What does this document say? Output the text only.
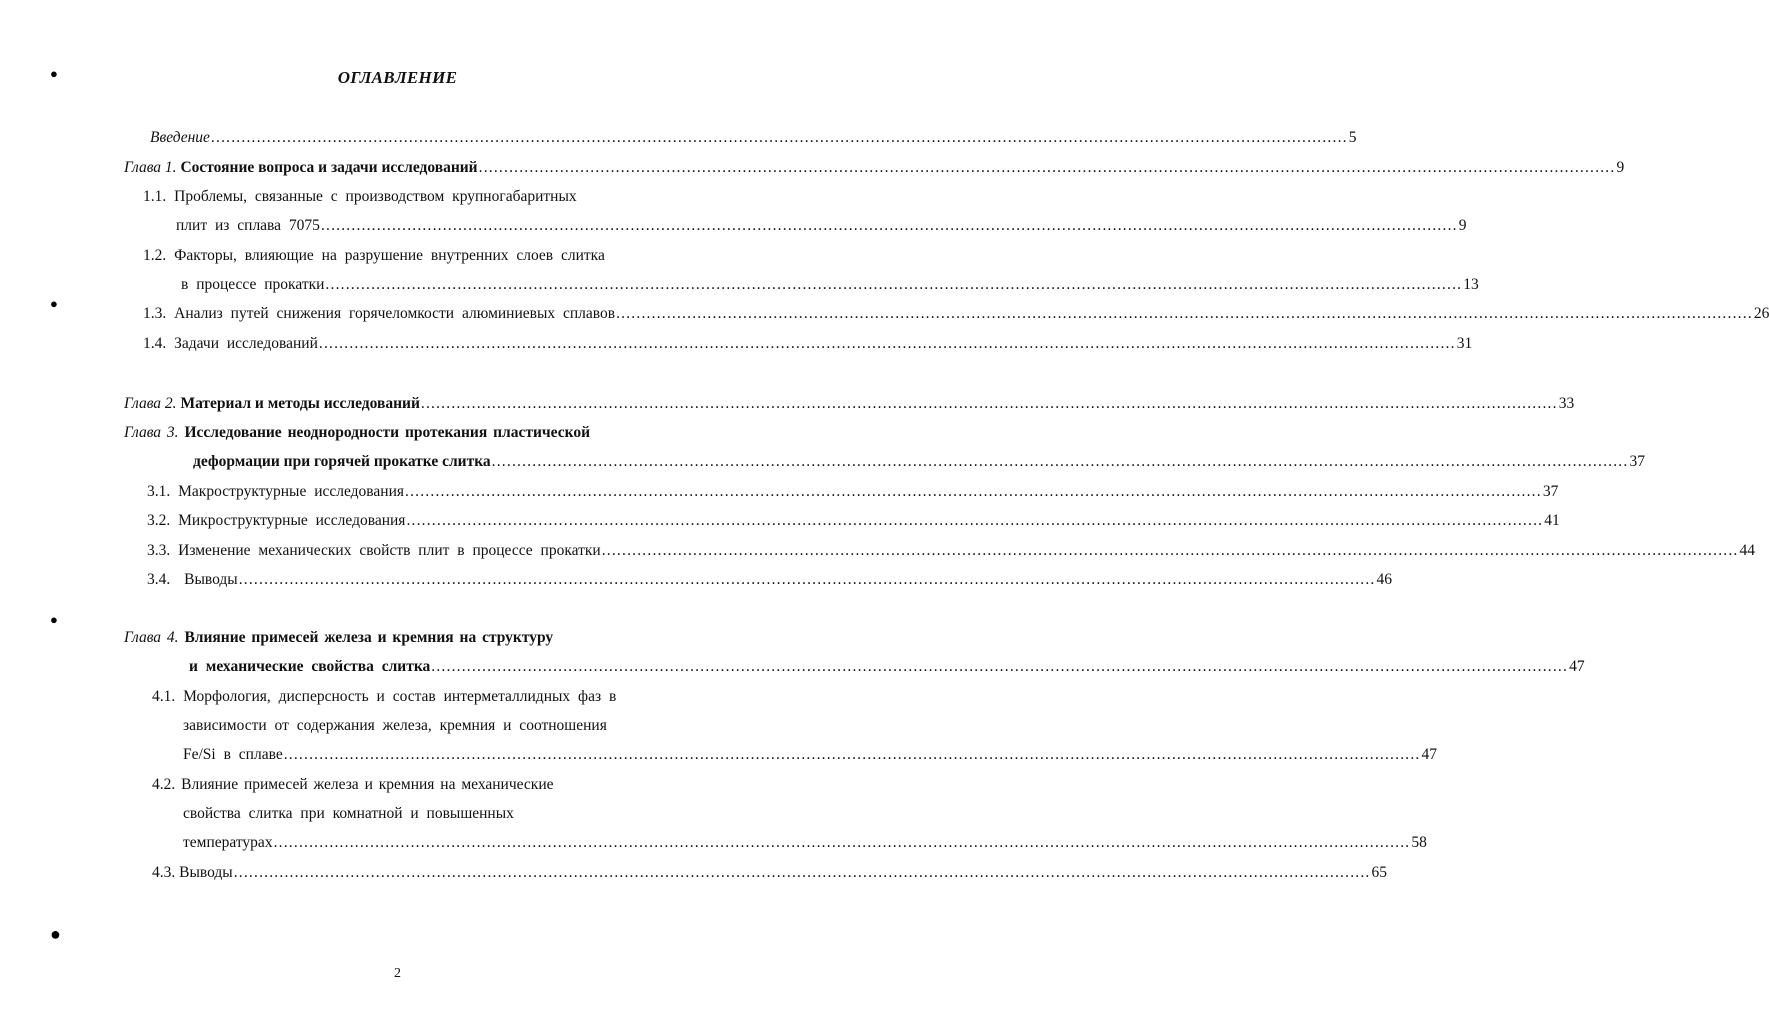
●
●
●
●
ОГЛАВЛЕНИЕ
Введение ................................................................................................................................................................................................................................ 5
Глава 1. Состояние вопроса и задачи исследований ................................................................................................................................................................................................................................ 9
1.1. Проблемы, связанные с производством крупногабаритных
плит из сплава 7075 ................................................................................................................................................................................................................................ 9
1.2. Факторы, влияющие на разрушение внутренних слоев слитка
в процессе прокатки ................................................................................................................................................................................................................................ 13
1.3. Анализ путей снижения горячеломкости алюминиевых сплавов ................................................................................................................................................................................................................................ 26
1.4. Задачи исследований ................................................................................................................................................................................................................................ 31
Глава 2. Материал и методы исследований ................................................................................................................................................................................................................................ 33
Глава 3. Исследование неоднородности протекания пластической
деформации при горячей прокатке слитка ................................................................................................................................................................................................................................ 37
3.1. Макроструктурные исследования ................................................................................................................................................................................................................................ 37
3.2. Микроструктурные исследования ................................................................................................................................................................................................................................ 41
3.3. Изменение механических свойств плит в процессе прокатки ................................................................................................................................................................................................................................ 44
3.4. Выводы ................................................................................................................................................................................................................................ 46
Глава 4. Влияние примесей железа и кремния на структуру
и механические свойства слитка ................................................................................................................................................................................................................................ 47
4.1. Морфология, дисперсность и состав интерметаллидных фаз в
зависимости от содержания железа, кремния и соотношения
Fe/Si в сплаве ................................................................................................................................................................................................................................ 47
4.2. Влияние примесей железа и кремния на механические
свойства слитка при комнатной и повышенных
температурах ................................................................................................................................................................................................................................ 58
4.3. Выводы ................................................................................................................................................................................................................................ 65
2
